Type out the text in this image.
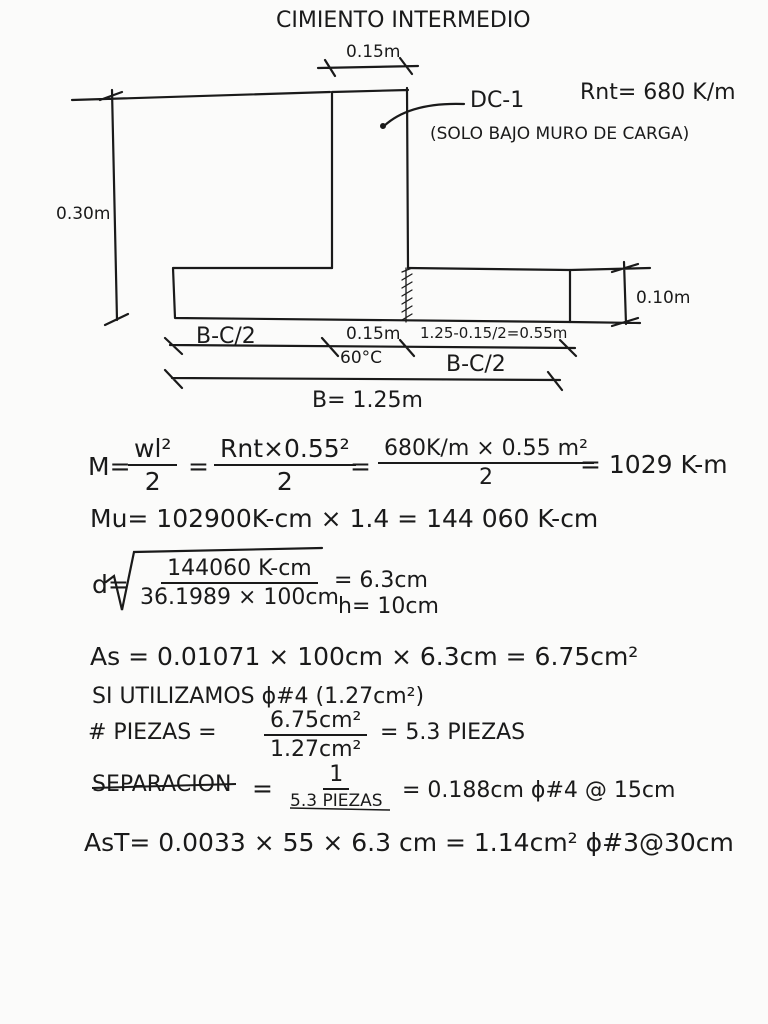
CIMIENTO INTERMEDIO
0.15m
DC-1
(SOLO BAJO MURO DE CARGA)
Rnt= 680 K/m
0.30m
0.10m
B-C/2	0.15m
60°C
1.25-0.15/2=0.55m
B-C/2
B= 1.25m
M=
$\frac{\text{wl²}}{2}$ =
Rnt×0.55²
2
= $\frac{\text{680K/m × 0.55 m²}}{2}$
= 1029 K-m
Mu= 102900K-cm × 1.4 = 144 060 K-cm
$d= \frac{144060 K-cm}{36.1989 \times 100cm}$
= 6.3cm
h= 10cm
As = 0.01071 × 100cm × 6.3cm = 6.75cm²
SI UTILIZAMOS ϕ#4 (1.27cm²)
# PIEZAS = $\frac{\text{6.75cm²}}{\text{1.27cm²}} = 5.3$ PIEZAS
SEPARACION =	1
5.3 PIEZAS = 0.188cm ϕ#4 @ 15cm
AsT= 0.0033 × 55 × 6.3 cm = 1.14cm² ϕ#3@30cm
